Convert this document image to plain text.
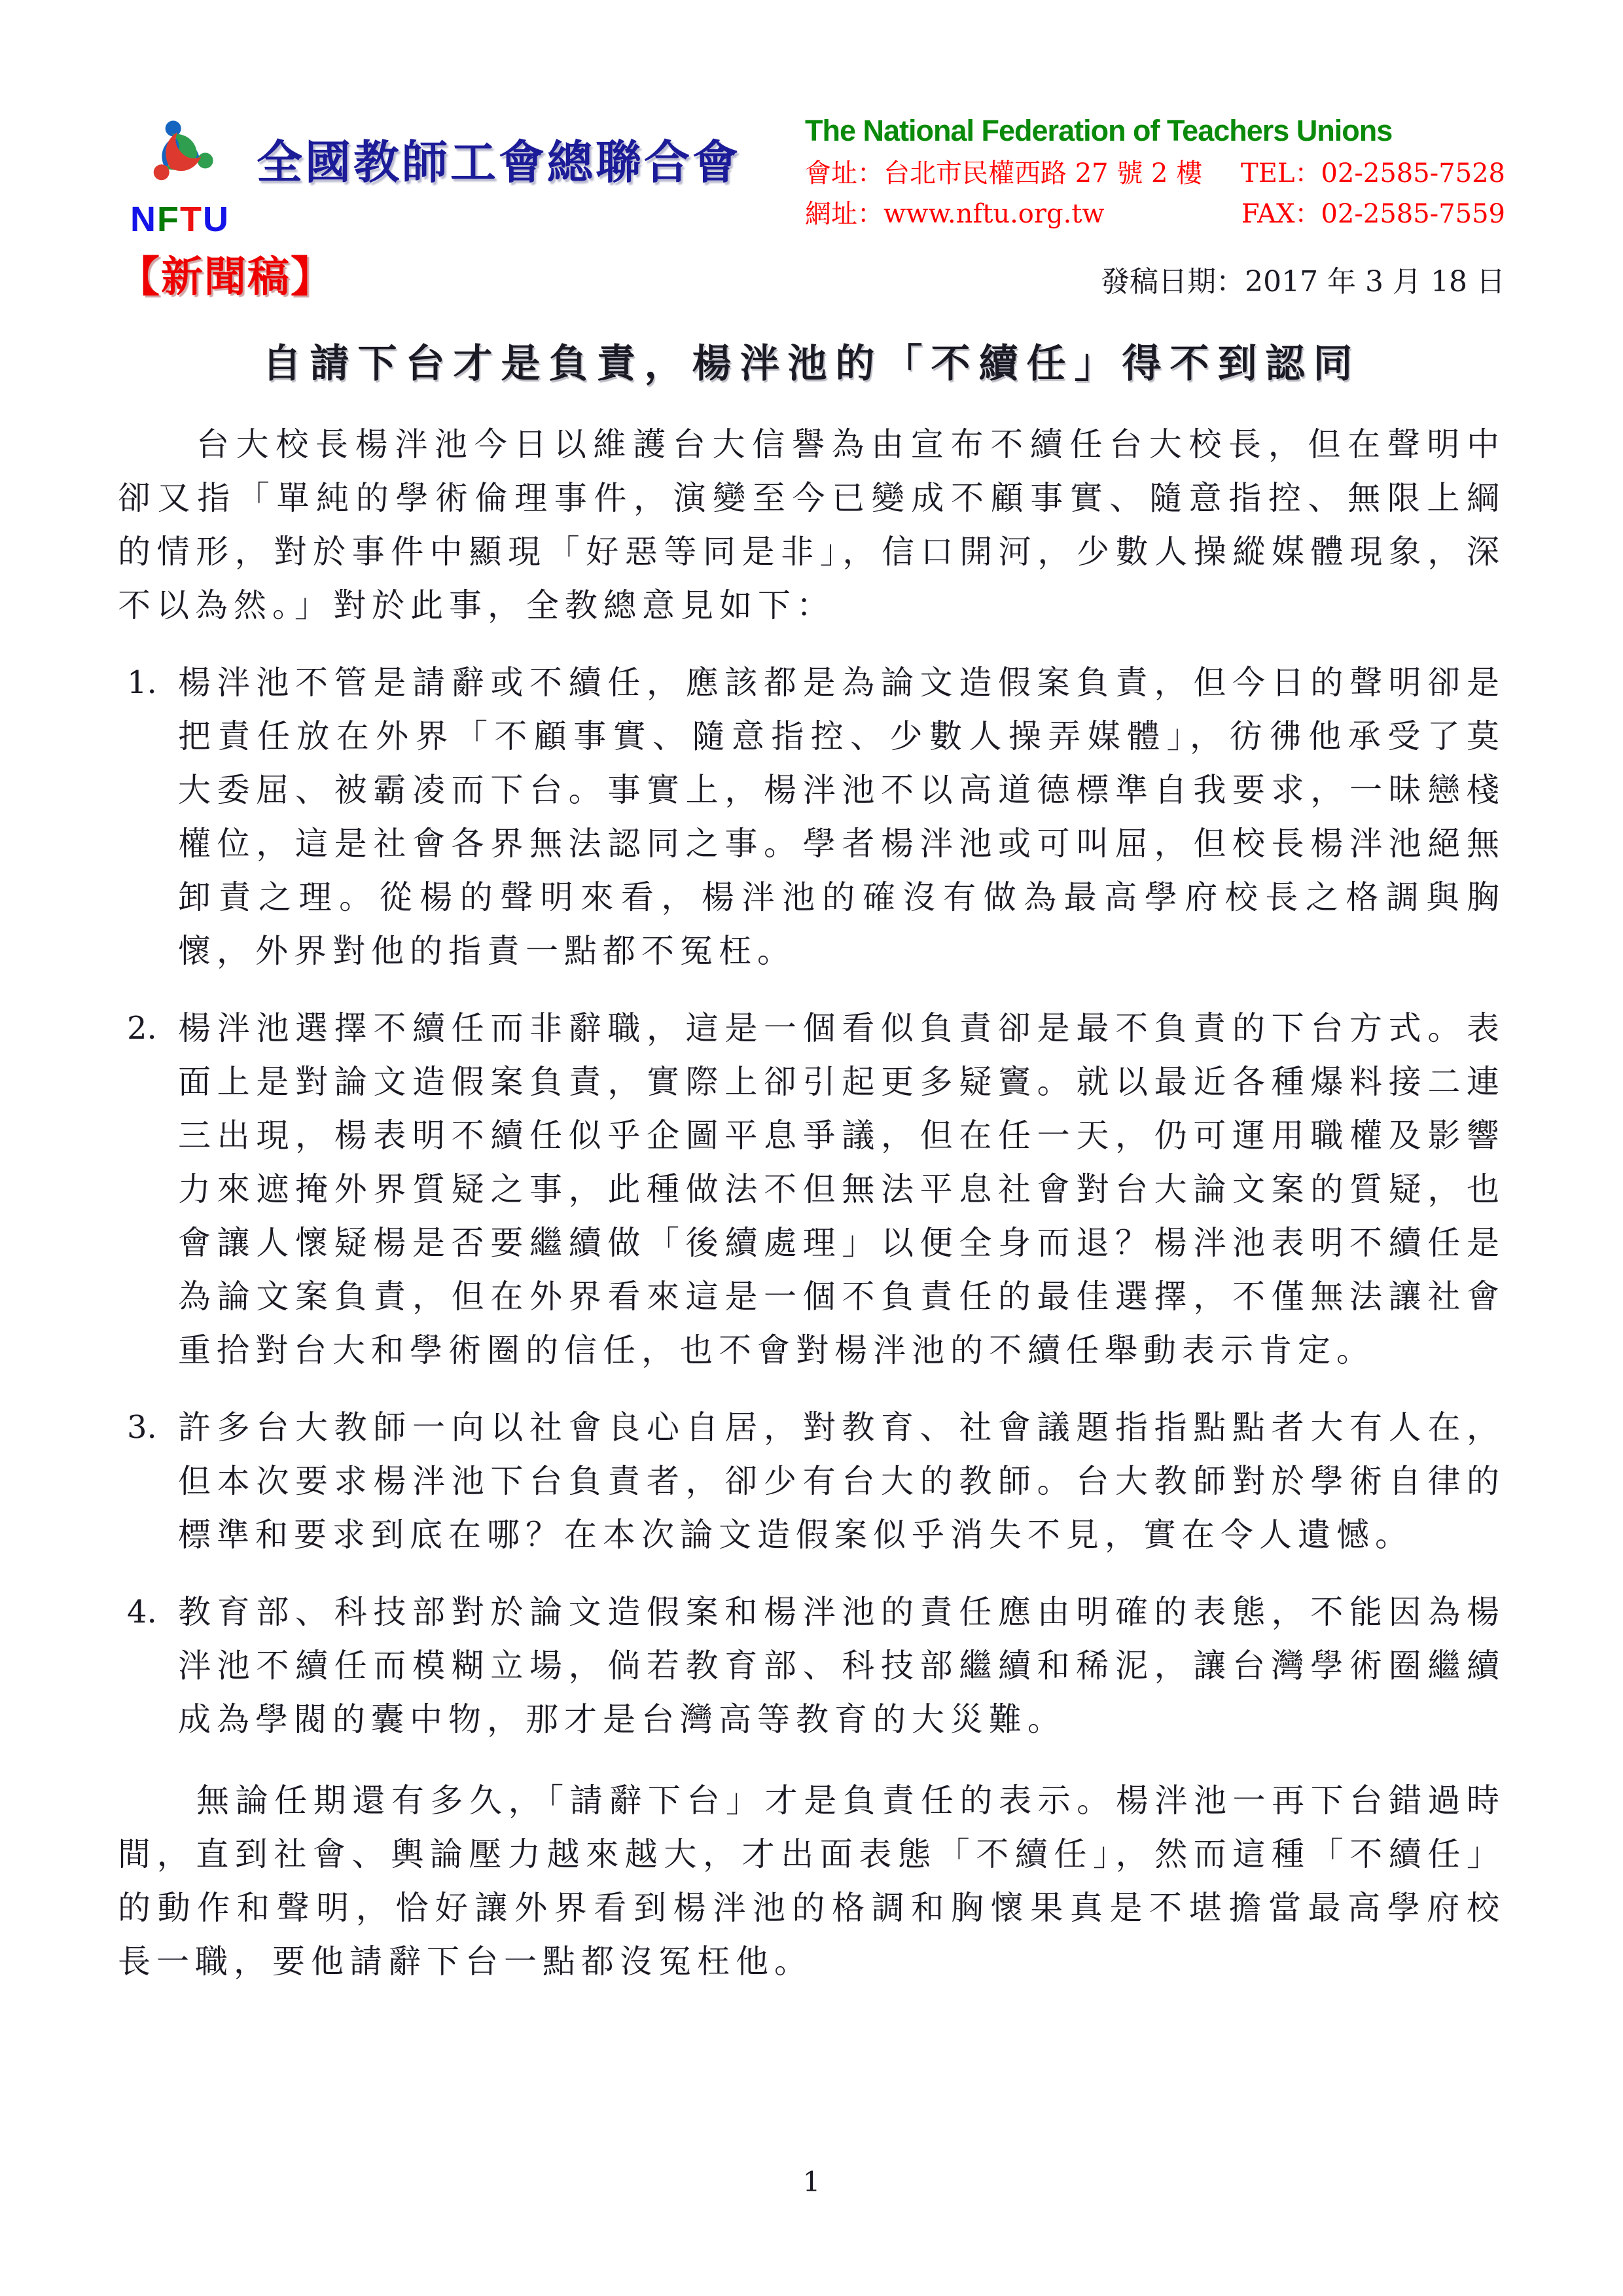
NFTU
全國教師工會總聯合會
The National Federation of Teachers Unions
會址：台北市民權西路 27 號 2 樓 TEL：02-2585-7528
網址：www.nftu.org.tw	FAX：02-2585-7559
【新聞稿】	發稿日期：2017 年 3 月 18 日
自請下台才是負責，楊泮池的「不續任」得不到認同

台大校長楊泮池今日以維護台大信譽為由宣布不續任台大校長，但在聲明中卻又指「單純的學術倫理事件，演變至今已變成不顧事實、隨意指控、無限上綱的情形，對於事件中顯現「好惡等同是非」，信口開河，少數人操縱媒體現象，深不以為然。」對於此事，全教總意見如下：

1. 楊泮池不管是請辭或不續任，應該都是為論文造假案負責，但今日的聲明卻是把責任放在外界「不顧事實、隨意指控、少數人操弄媒體」，彷彿他承受了莫大委屈、被霸凌而下台。事實上，楊泮池不以高道德標準自我要求，一昧戀棧權位，這是社會各界無法認同之事。學者楊泮池或可叫屈，但校長楊泮池絕無卸責之理。從楊的聲明來看，楊泮池的確沒有做為最高學府校長之格調與胸懷，外界對他的指責一點都不冤枉。
2. 楊泮池選擇不續任而非辭職，這是一個看似負責卻是最不負責的下台方式。表面上是對論文造假案負責，實際上卻引起更多疑竇。就以最近各種爆料接二連三出現，楊表明不續任似乎企圖平息爭議，但在任一天，仍可運用職權及影響力來遮掩外界質疑之事，此種做法不但無法平息社會對台大論文案的質疑，也會讓人懷疑楊是否要繼續做「後續處理」以便全身而退？楊泮池表明不續任是為論文案負責，但在外界看來這是一個不負責任的最佳選擇，不僅無法讓社會重拾對台大和學術圈的信任，也不會對楊泮池的不續任舉動表示肯定。
3. 許多台大教師一向以社會良心自居，對教育、社會議題指指點點者大有人在，但本次要求楊泮池下台負責者，卻少有台大的教師。台大教師對於學術自律的標準和要求到底在哪？在本次論文造假案似乎消失不見，實在令人遺憾。
4. 教育部、科技部對於論文造假案和楊泮池的責任應由明確的表態，不能因為楊泮池不續任而模糊立場，倘若教育部、科技部繼續和稀泥，讓台灣學術圈繼續成為學閥的囊中物，那才是台灣高等教育的大災難。

無論任期還有多久，「請辭下台」才是負責任的表示。楊泮池一再下台錯過時間，直到社會、輿論壓力越來越大，才出面表態「不續任」，然而這種「不續任」的動作和聲明，恰好讓外界看到楊泮池的格調和胸懷果真是不堪擔當最高學府校長一職，要他請辭下台一點都沒冤枉他。

1
